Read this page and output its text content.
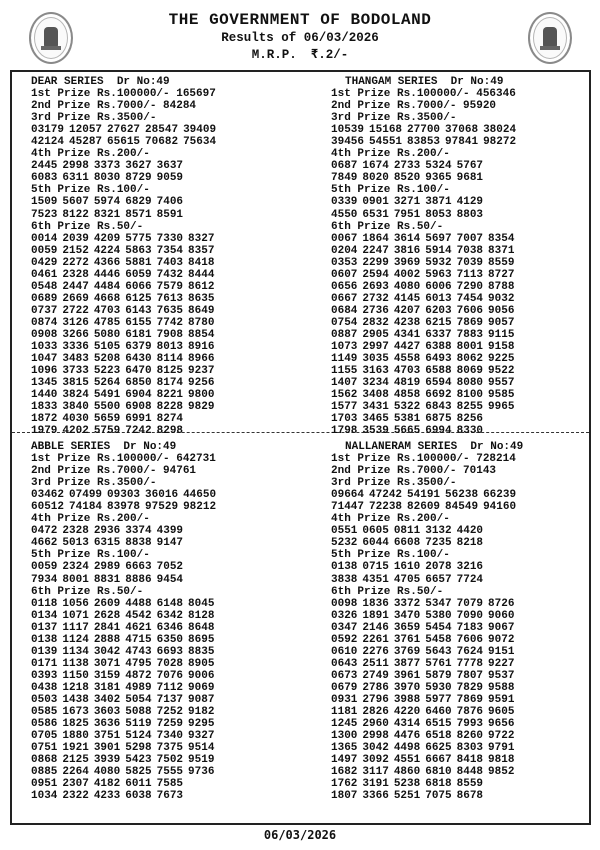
THE GOVERNMENT OF BODOLAND
Results of 06/03/2026
M.R.P. ₹.2/-
DEAR SERIES Dr No:49
1st Prize Rs.100000/- 165697
2nd Prize Rs.7000/- 84284
3rd Prize Rs.3500/-
03179 12057 27627 28547 39409
42124 45287 65615 70682 75634
4th Prize Rs.200/-
2445 2998 3373 3627 3637
6083 6311 8030 8729 9059
5th Prize Rs.100/-
1509 5607 5974 6829 7406
7523 8122 8321 8571 8591
6th Prize Rs.50/-
0014 2039 4209 5775 7330 8327
0059 2152 4224 5863 7354 8357
0429 2272 4366 5881 7403 8418
0461 2328 4446 6059 7432 8444
0548 2447 4484 6066 7579 8612
0689 2669 4668 6125 7613 8635
0737 2722 4703 6143 7635 8649
0874 3126 4785 6155 7742 8780
0908 3266 5080 6181 7908 8854
1033 3336 5105 6379 8013 8916
1047 3483 5208 6430 8114 8966
1096 3733 5223 6470 8125 9237
1345 3815 5264 6850 8174 9256
1440 3824 5491 6904 8221 9800
1833 3840 5500 6908 8228 9829
1872 4030 5659 6991 8274
1979 4202 5759 7242 8298
THANGAM SERIES Dr No:49
1st Prize Rs.100000/- 456346
2nd Prize Rs.7000/- 95920
3rd Prize Rs.3500/-
10539 15168 27700 37068 38024
39456 54551 83853 97841 98272
4th Prize Rs.200/-
0687 1674 2733 5324 5767
7849 8020 8520 9365 9681
5th Prize Rs.100/-
0339 0901 3271 3871 4129
4550 6531 7951 8053 8803
6th Prize Rs.50/-
0067 1864 3614 5697 7007 8354
0204 2247 3816 5914 7038 8371
0353 2299 3969 5932 7039 8559
0607 2594 4002 5963 7113 8727
0656 2693 4080 6006 7290 8788
0667 2732 4145 6013 7454 9032
0684 2736 4207 6203 7606 9056
0754 2832 4238 6215 7869 9057
0887 2905 4341 6337 7883 9115
1073 2997 4427 6388 8001 9158
1149 3035 4558 6493 8062 9225
1155 3163 4703 6588 8069 9522
1407 3234 4819 6594 8080 9557
1562 3408 4858 6692 8100 9585
1577 3431 5322 6843 8255 9965
1703 3465 5381 6875 8256
1798 3539 5665 6994 8330
ABBLE SERIES Dr No:49
1st Prize Rs.100000/- 642731
2nd Prize Rs.7000/- 94761
3rd Prize Rs.3500/-
03462 07499 09303 36016 44650
60512 74184 83978 97529 98212
4th Prize Rs.200/-
0472 2328 2936 3374 4399
4662 5013 6315 8838 9147
5th Prize Rs.100/-
0059 2324 2989 6663 7052
7934 8001 8831 8886 9454
6th Prize Rs.50/-
0118 1056 2609 4488 6148 8045
0134 1071 2628 4542 6342 8128
0137 1117 2841 4621 6346 8648
0138 1124 2888 4715 6350 8695
0139 1134 3042 4743 6693 8835
0171 1138 3071 4795 7028 8905
0393 1150 3159 4872 7076 9006
0438 1218 3181 4989 7112 9069
0503 1438 3402 5054 7137 9087
0585 1673 3603 5088 7252 9182
0586 1825 3636 5119 7259 9295
0705 1880 3751 5124 7340 9327
0751 1921 3901 5298 7375 9514
0868 2125 3939 5423 7502 9519
0885 2264 4080 5825 7555 9736
0951 2307 4182 6011 7585
1034 2322 4233 6038 7673
NALLANERAM SERIES Dr No:49
1st Prize Rs.100000/- 728214
2nd Prize Rs.7000/- 70143
3rd Prize Rs.3500/-
09664 47242 54191 56238 66239
71447 72238 82609 84549 94160
4th Prize Rs.200/-
0551 0605 0811 3132 4420
5232 6044 6608 7235 8218
5th Prize Rs.100/-
0138 0715 1610 2078 3216
3838 4351 4705 6657 7724
6th Prize Rs.50/-
0098 1836 3372 5347 7079 8726
0326 1891 3470 5380 7090 9060
0347 2146 3659 5454 7183 9067
0592 2261 3761 5458 7606 9072
0610 2276 3769 5643 7624 9151
0643 2511 3877 5761 7778 9227
0673 2749 3961 5879 7807 9537
0679 2786 3970 5930 7829 9588
0931 2796 3988 5977 7869 9591
1181 2826 4220 6460 7876 9605
1245 2960 4314 6515 7993 9656
1300 2998 4476 6518 8260 9722
1365 3042 4498 6625 8303 9791
1497 3092 4551 6667 8418 9818
1682 3117 4860 6810 8448 9852
1762 3191 5238 6818 8559
1807 3366 5251 7075 8678
06/03/2026
